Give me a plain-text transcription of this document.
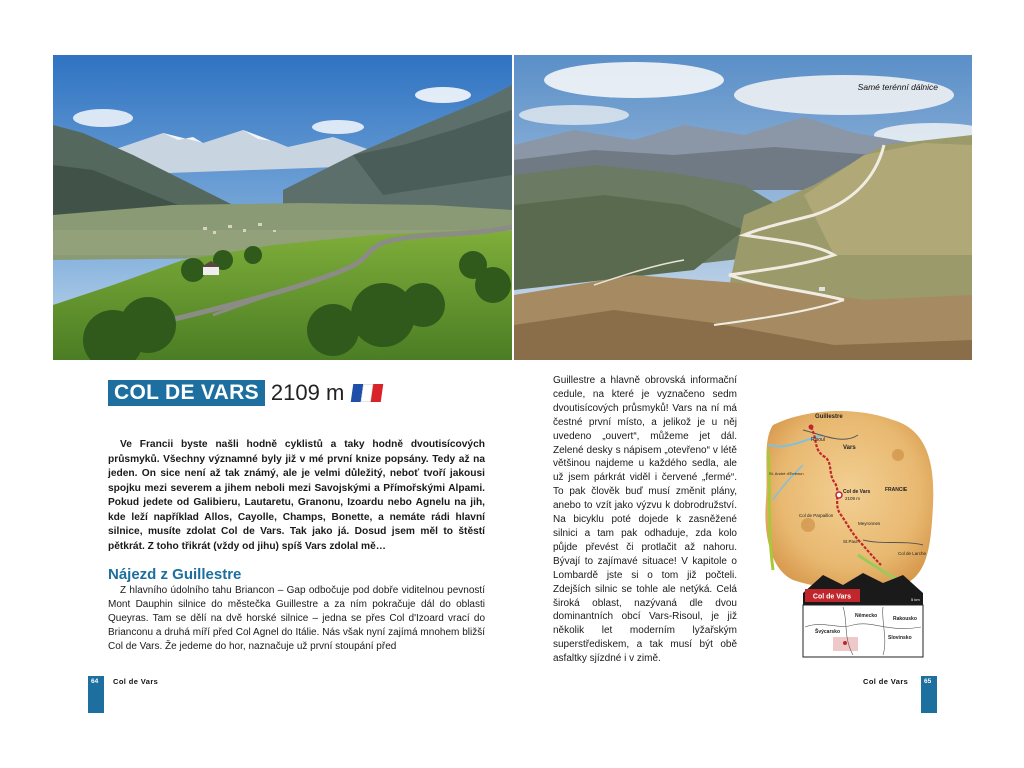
Samé terénní dálnice
COL DE VARS 2109 m

Ve Francii byste našli hodně cyklistů a taky hodně dvoutisícových průsmyků. Všechny významné byly již v mé první knize popsány. Tedy až na jeden. On sice není až tak známý, ale je velmi důležitý, neboť tvoří jakousi spojku mezi severem a jihem neboli mezi Savojskými a Přímořskými Alpami. Pokud jedete od Galibieru, Lautaretu, Granonu, Izoardu nebo Agnelu na jih, kde leží například Allos, Cayolle, Champs, Bonette, a nemáte rádi hlavní silnice, musíte zdolat Col de Vars. Tak jako já. Dosud jsem měl to štěstí pětkrát. Z toho třikrát (vždy od jihu) spíš Vars zdolal mě…

Nájezd z Guillestre

Z hlavního údolního tahu Briancon – Gap odbočuje pod dobře viditelnou pevností Mont Dauphin silnice do městečka Guillestre a za ním pokračuje dál do oblasti Queyras. Tam se dělí na dvě horské silnice – jedna se přes Col d'Izoard vrací do Brianconu a druhá míří před Col Agnel do Itálie. Nás však nyní zajímá mnohem bližší Col de Vars. Že jedeme do hor, naznačuje už první stoupání před

Guillestre a hlavně obrovská informační cedule, na které je vyznačeno sedm dvoutisícových průsmyků! Vars na ní má čestné první místo, a jelikož je u něj uvedeno „ouvert“, můžeme jet dál. Zelené desky s nápisem „otevřeno“ v létě většinou najdeme u každého sedla, ale už jsem párkrát viděl i červené „fermé“. To pak člověk buď musí změnit plány, anebo to vzít jako výzvu k dobrodružství. Na bicyklu poté dojede k zasněžené silnici a tam pak odhaduje, zda kolo půjde převést či protlačit až nahoru. Bývají to zajímavé situace! V kapitole o Lombardě jste si o tom již počteli. Zdejších silnic se tohle ale netýká. Celá široká oblast, nazývaná dle dvou dominantních obcí Vars-Risoul, je již několik let moderním lyžařským superstřediskem, a tak musí být obě asfaltky sjízdné i v zimě.

Guillestre
Risoul
Vars
Col de Vars
2109 m
FRANCIE
Col de Parpaillon
St. André d'Embrun
Meyronnes
St.Paul
Col de Larche
Col de Vars	5 km
Německo
Švýcarsko
Rakousko
Slovinsko
64 Col de Vars	Col de Vars 65
